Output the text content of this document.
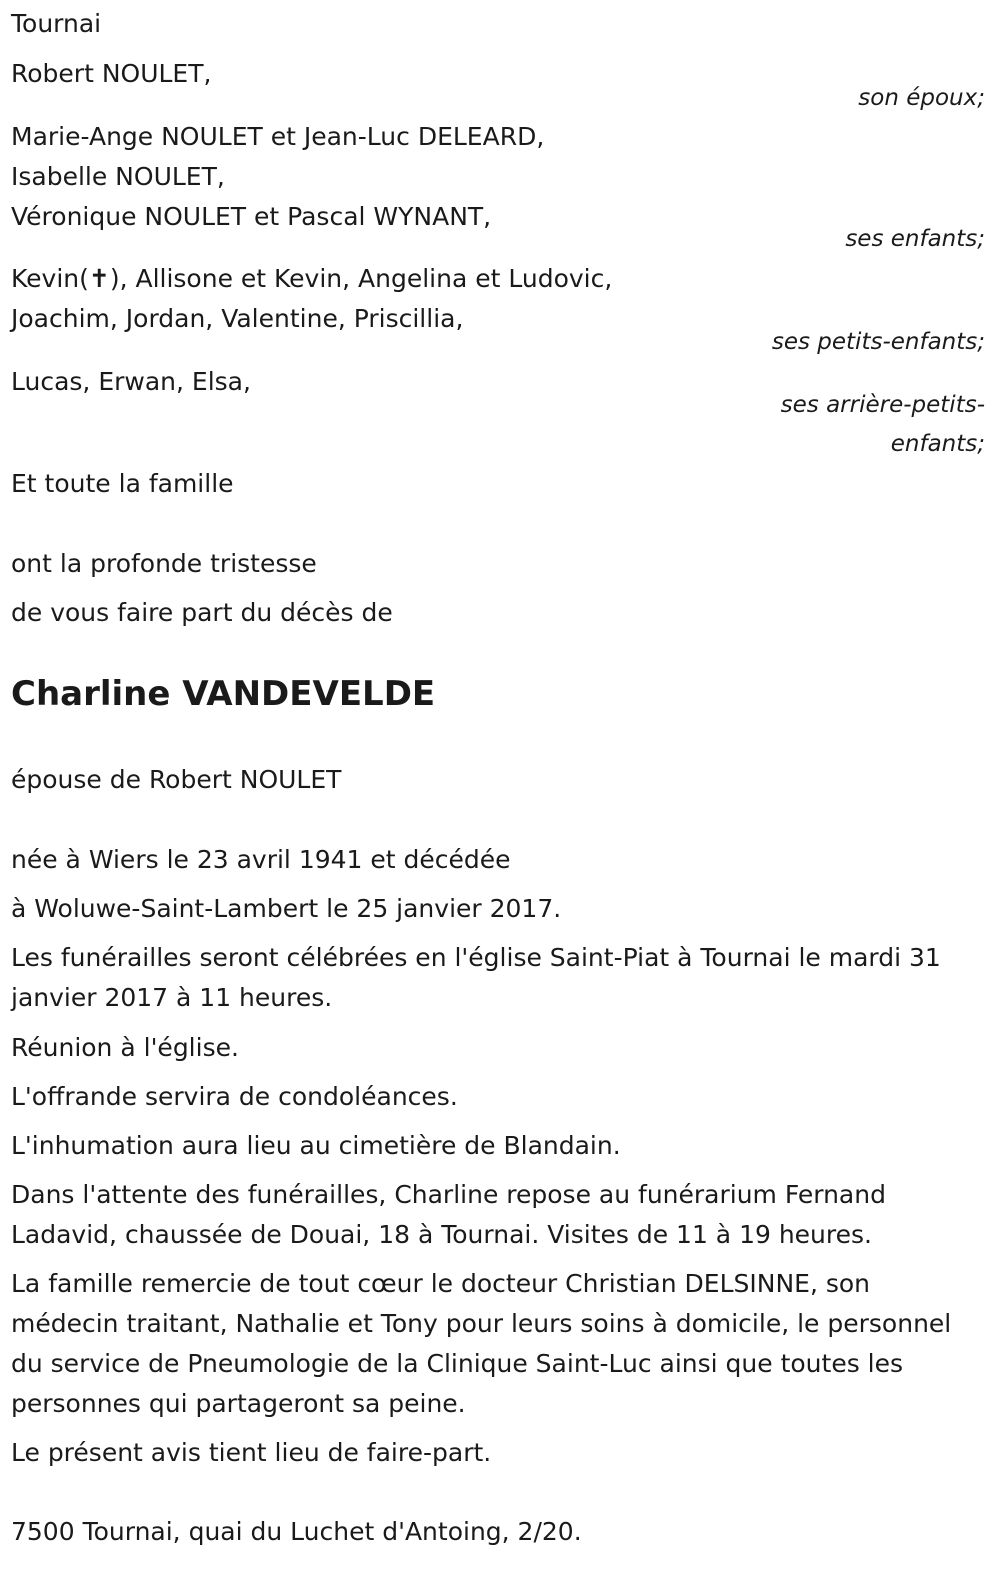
Tournai
Robert NOULET,
son époux;
Marie-Ange NOULET et Jean-Luc DELEARD,
Isabelle NOULET,
Véronique NOULET et Pascal WYNANT,
ses enfants;
Kevin(✝), Allisone et Kevin, Angelina et Ludovic,
Joachim, Jordan, Valentine, Priscillia,
ses petits-enfants;
Lucas, Erwan, Elsa,
ses arrière-petits-
enfants;
Et toute la famille
ont la profonde tristesse
de vous faire part du décès de
Charline VANDEVELDE
épouse de Robert NOULET
née à Wiers le 23 avril 1941 et décédée
à Woluwe-Saint-Lambert le 25 janvier 2017.
Les funérailles seront célébrées en l'église Saint-Piat à Tournai le mardi 31 janvier 2017 à 11 heures.
Réunion à l'église.
L'offrande servira de condoléances.
L'inhumation aura lieu au cimetière de Blandain.
Dans l'attente des funérailles, Charline repose au funérarium Fernand Ladavid, chaussée de Douai, 18 à Tournai. Visites de 11 à 19 heures.
La famille remercie de tout cœur le docteur Christian DELSINNE, son médecin traitant, Nathalie et Tony pour leurs soins à domicile, le personnel du service de Pneumologie de la Clinique Saint-Luc ainsi que toutes les personnes qui partageront sa peine.
Le présent avis tient lieu de faire-part.
7500 Tournai, quai du Luchet d'Antoing, 2/20.
